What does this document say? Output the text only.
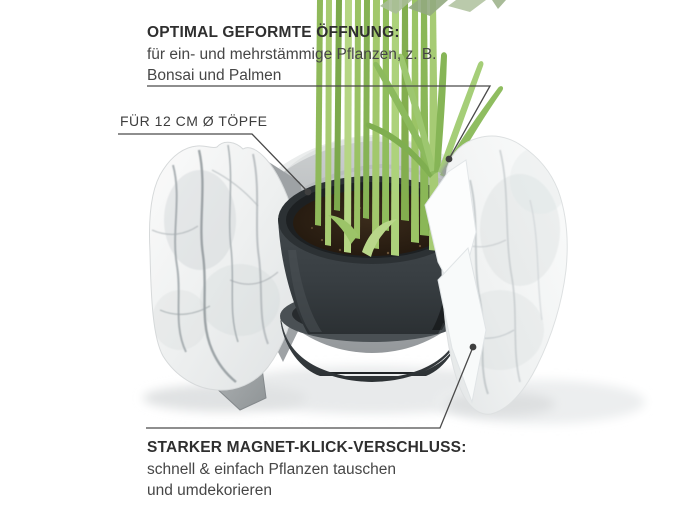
OPTIMAL GEFORMTE ÖFFNUNG:
für ein- und mehrstämmige Pflanzen, z. B.
Bonsai und Palmen
FÜR 12 CM Ø TÖPFE
STARKER MAGNET-KLICK-VERSCHLUSS:
schnell & einfach Pflanzen tauschen
und umdekorieren
